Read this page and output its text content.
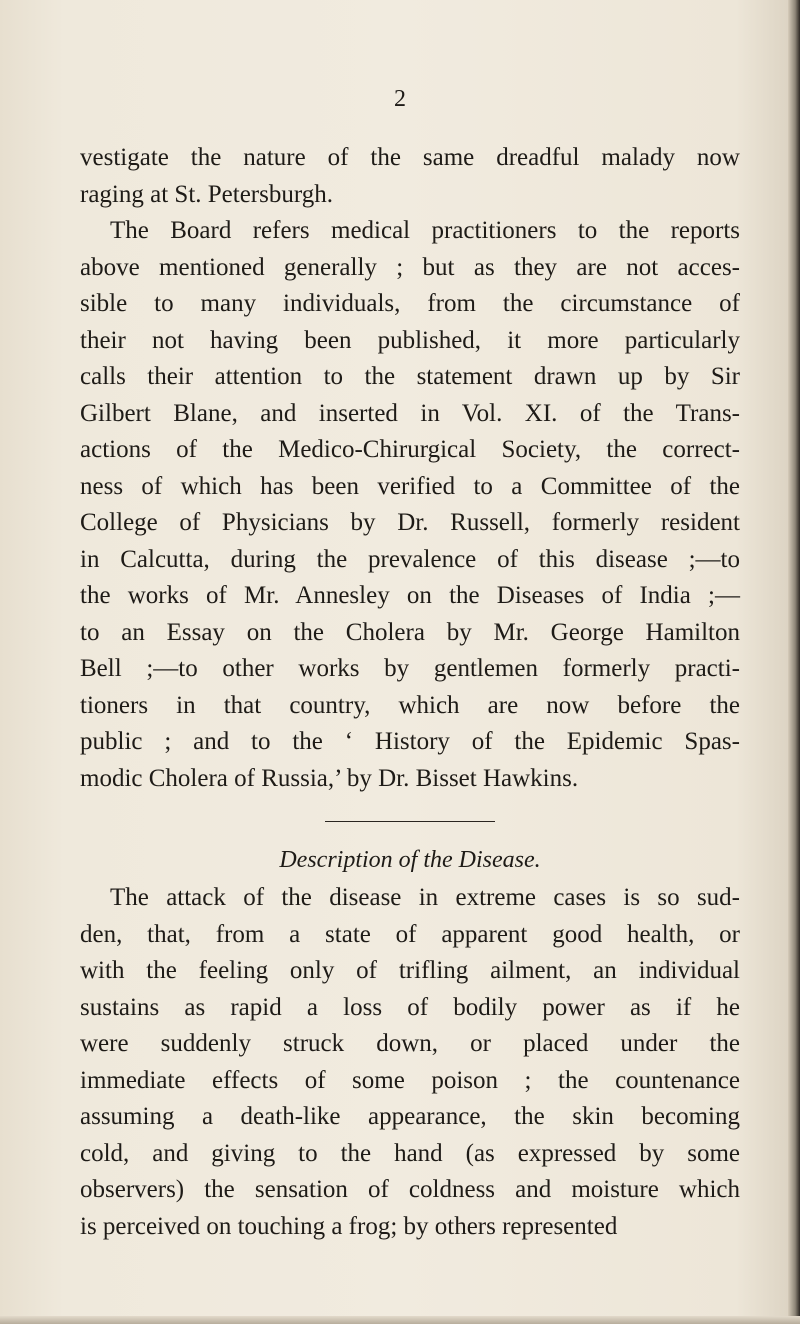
2
vestigate the nature of the same dreadful malady now
raging at St. Petersburgh.
The Board refers medical practitioners to the reports
above mentioned generally ; but as they are not acces-
sible to many individuals, from the circumstance of
their not having been published, it more particularly
calls their attention to the statement drawn up by Sir
Gilbert Blane, and inserted in Vol. XI. of the Trans-
actions of the Medico-Chirurgical Society, the correct-
ness of which has been verified to a Committee of the
College of Physicians by Dr. Russell, formerly resident
in Calcutta, during the prevalence of this disease ;—to
the works of Mr. Annesley on the Diseases of India ;—
to an Essay on the Cholera by Mr. George Hamilton
Bell ;—to other works by gentlemen formerly practi-
tioners in that country, which are now before the
public ; and to the ‘ History of the Epidemic Spas-
modic Cholera of Russia,’ by Dr. Bisset Hawkins.
Description of the Disease.
The attack of the disease in extreme cases is so sud-
den, that, from a state of apparent good health, or
with the feeling only of trifling ailment, an individual
sustains as rapid a loss of bodily power as if he
were suddenly struck down, or placed under the
immediate effects of some poison ; the countenance
assuming a death-like appearance, the skin becoming
cold, and giving to the hand (as expressed by some
observers) the sensation of coldness and moisture which
is perceived on touching a frog; by others represented
